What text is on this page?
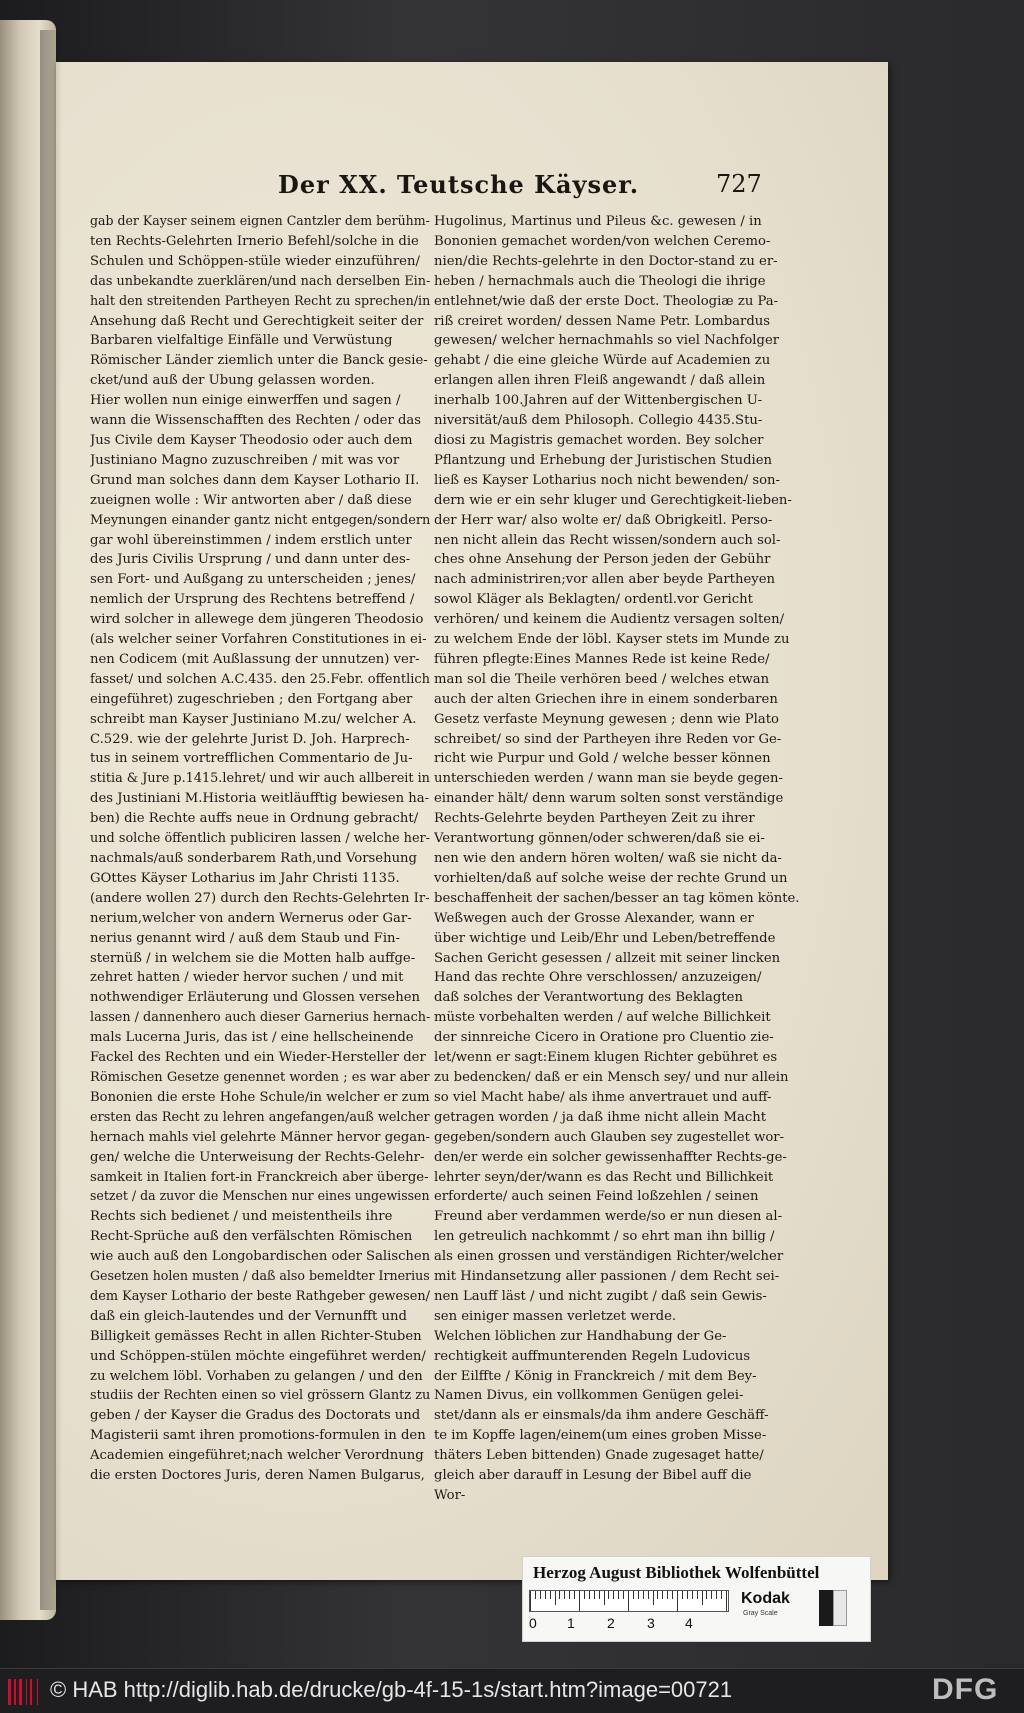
Der XX. Teutsche Käyser.	727
gab der Kayser seinem eignen Cantzler dem berühm-
ten Rechts-Gelehrten Irnerio Befehl/solche in die
Schulen und Schöppen-stüle wieder einzuführen/
das unbekandte zuerklären/und nach derselben Ein-
halt den streitenden Partheyen Recht zu sprechen/in
Ansehung daß Recht und Gerechtigkeit seiter der
Barbaren vielfaltige Einfälle und Verwüstung
Römischer Länder ziemlich unter die Banck gesie-
cket/und auß der Ubung gelassen worden.
Hier wollen nun einige einwerffen und sagen /
wann die Wissenschafften des Rechten / oder das
Jus Civile dem Kayser Theodosio oder auch dem
Justiniano Magno zuzuschreiben / mit was vor
Grund man solches dann dem Kayser Lothario II.
zueignen wolle : Wir antworten aber / daß diese
Meynungen einander gantz nicht entgegen/sondern
gar wohl übereinstimmen / indem erstlich unter
des Juris Civilis Ursprung / und dann unter des-
sen Fort- und Außgang zu unterscheiden ; jenes/
nemlich der Ursprung des Rechtens betreffend /
wird solcher in allewege dem jüngeren Theodosio
(als welcher seiner Vorfahren Constitutiones in ei-
nen Codicem (mit Außlassung der unnutzen) ver-
fasset/ und solchen A.C.435. den 25.Febr. offentlich
eingeführet) zugeschrieben ; den Fortgang aber
schreibt man Kayser Justiniano M.zu/ welcher A.
C.529. wie der gelehrte Jurist D. Joh. Harprech-
tus in seinem vortrefflichen Commentario de Ju-
stitia & Jure p.1415.lehret/ und wir auch allbereit in
des Justiniani M.Historia weitläufftig bewiesen ha-
ben) die Rechte auffs neue in Ordnung gebracht/
und solche öffentlich publiciren lassen / welche her-
nachmals/auß sonderbarem Rath,und Vorsehung
GOttes Käyser Lotharius im Jahr Christi 1135.
(andere wollen 27) durch den Rechts-Gelehrten Ir-
nerium,welcher von andern Wernerus oder Gar-
nerius genannt wird / auß dem Staub und Fin-
sternüß / in welchem sie die Motten halb auffge-
zehret hatten / wieder hervor suchen / und mit
nothwendiger Erläuterung und Glossen versehen
lassen / dannenhero auch dieser Garnerius hernach-
mals Lucerna Juris, das ist / eine hellscheinende
Fackel des Rechten und ein Wieder-Hersteller der
Römischen Gesetze genennet worden ; es war aber
Bononien die erste Hohe Schule/in welcher er zum
ersten das Recht zu lehren angefangen/auß welcher
hernach mahls viel gelehrte Männer hervor gegan-
gen/ welche die Unterweisung der Rechts-Gelehr-
samkeit in Italien fort-in Franckreich aber überge-
setzet / da zuvor die Menschen nur eines ungewissen
Rechts sich bedienet / und meistentheils ihre
Recht-Sprüche auß den verfälschten Römischen
wie auch auß den Longobardischen oder Salischen
Gesetzen holen musten / daß also bemeldter Irnerius
dem Kayser Lothario der beste Rathgeber gewesen/
daß ein gleich-lautendes und der Vernunfft und
Billigkeit gemässes Recht in allen Richter-Stuben
und Schöppen-stülen möchte eingeführet werden/
zu welchem löbl. Vorhaben zu gelangen / und den
studiis der Rechten einen so viel grössern Glantz zu
geben / der Kayser die Gradus des Doctorats und
Magisterii samt ihren promotions-formulen in den
Academien eingeführet;nach welcher Verordnung
die ersten Doctores Juris, deren Namen Bulgarus,
Hugolinus, Martinus und Pileus &c. gewesen / in
Bononien gemachet worden/von welchen Ceremo-
nien/die Rechts-gelehrte in den Doctor-stand zu er-
heben / hernachmals auch die Theologi die ihrige
entlehnet/wie daß der erste Doct. Theologiæ zu Pa-
riß creiret worden/ dessen Name Petr. Lombardus
gewesen/ welcher hernachmahls so viel Nachfolger
gehabt / die eine gleiche Würde auf Academien zu
erlangen allen ihren Fleiß angewandt / daß allein
inerhalb 100.Jahren auf der Wittenbergischen U-
niversität/auß dem Philosoph. Collegio 4435.Stu-
diosi zu Magistris gemachet worden. Bey solcher
Pflantzung und Erhebung der Juristischen Studien
ließ es Kayser Lotharius noch nicht bewenden/ son-
dern wie er ein sehr kluger und Gerechtigkeit-lieben-
der Herr war/ also wolte er/ daß Obrigkeitl. Perso-
nen nicht allein das Recht wissen/sondern auch sol-
ches ohne Ansehung der Person jeden der Gebühr
nach administriren;vor allen aber beyde Partheyen
sowol Kläger als Beklagten/ ordentl.vor Gericht
verhören/ und keinem die Audientz versagen solten/
zu welchem Ende der löbl. Kayser stets im Munde zu
führen pflegte:Eines Mannes Rede ist keine Rede/
man sol die Theile verhören beed / welches etwan
auch der alten Griechen ihre in einem sonderbaren
Gesetz verfaste Meynung gewesen ; denn wie Plato
schreibet/ so sind der Partheyen ihre Reden vor Ge-
richt wie Purpur und Gold / welche besser können
unterschieden werden / wann man sie beyde gegen-
einander hält/ denn warum solten sonst verständige
Rechts-Gelehrte beyden Partheyen Zeit zu ihrer
Verantwortung gönnen/oder schweren/daß sie ei-
nen wie den andern hören wolten/ waß sie nicht da-
vorhielten/daß auf solche weise der rechte Grund un
beschaffenheit der sachen/besser an tag kömen könte.
Weßwegen auch der Grosse Alexander, wann er
über wichtige und Leib/Ehr und Leben/betreffende
Sachen Gericht gesessen / allzeit mit seiner lincken
Hand das rechte Ohre verschlossen/ anzuzeigen/
daß solches der Verantwortung des Beklagten
müste vorbehalten werden / auf welche Billichkeit
der sinnreiche Cicero in Oratione pro Cluentio zie-
let/wenn er sagt:Einem klugen Richter gebühret es
zu bedencken/ daß er ein Mensch sey/ und nur allein
so viel Macht habe/ als ihme anvertrauet und auff-
getragen worden / ja daß ihme nicht allein Macht
gegeben/sondern auch Glauben sey zugestellet wor-
den/er werde ein solcher gewissenhaffter Rechts-ge-
lehrter seyn/der/wann es das Recht und Billichkeit
erforderte/ auch seinen Feind loßzehlen / seinen
Freund aber verdammen werde/so er nun diesen al-
len getreulich nachkommt / so ehrt man ihn billig /
als einen grossen und verständigen Richter/welcher
mit Hindansetzung aller passionen / dem Recht sei-
nen Lauff läst / und nicht zugibt / daß sein Gewis-
sen einiger massen verletzet werde.
Welchen löblichen zur Handhabung der Ge-
rechtigkeit auffmunterenden Regeln Ludovicus
der Eilffte / König in Franckreich / mit dem Bey-
Namen Divus, ein vollkommen Genügen gelei-
stet/dann als er einsmals/da ihm andere Geschäff-
te im Kopffe lagen/einem(um eines groben Misse-
thäters Leben bittenden) Gnade zugesaget hatte/
gleich aber darauff in Lesung der Bibel auff die
Wor-
Herzog August Bibliothek Wolfenbüttel
0 1 2 3 4
Kodak
Gray Scale
© HAB http://diglib.hab.de/drucke/gb-4f-15-1s/start.htm?image=00721	DFG
